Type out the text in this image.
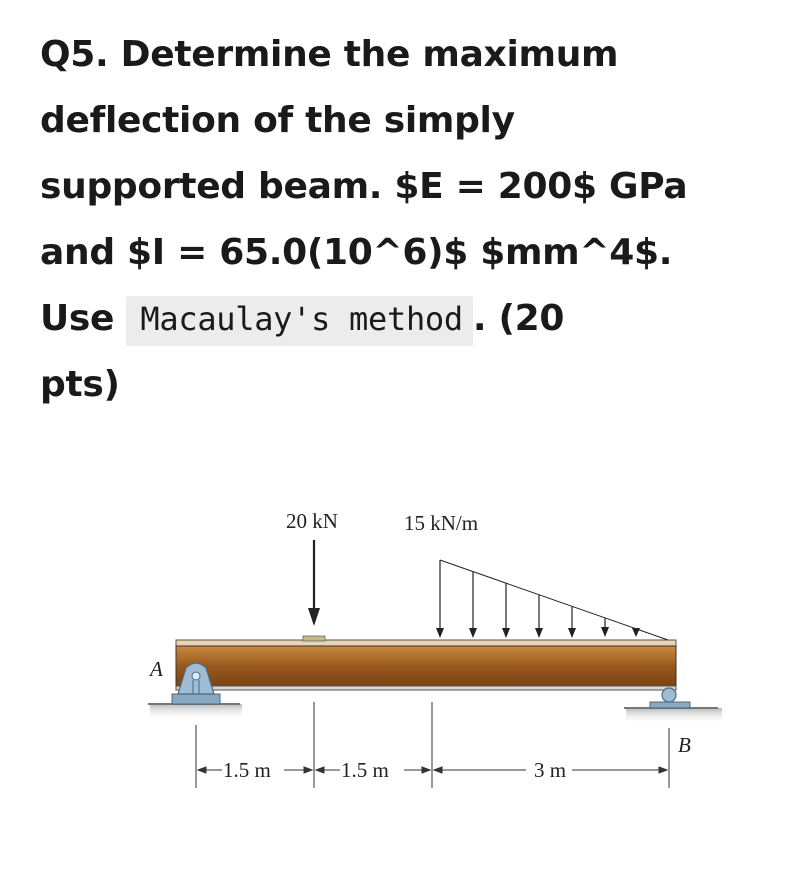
Q5. Determine the maximum
deflection of the simply
supported beam. $E = 200$ GPa
and $I = 65.0(10^6)$ $mm^4$.
Use Macaulay's method . (20
pts)
20 kN	15 kN/m
A
B
1.5 m	1.5 m	3 m
